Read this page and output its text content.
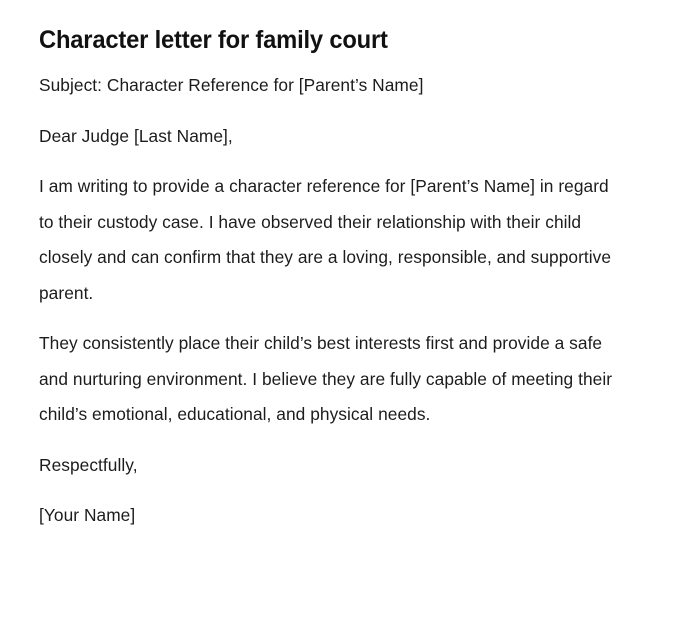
Character letter for family court

Subject: Character Reference for [Parent’s Name]

Dear Judge [Last Name],

I am writing to provide a character reference for [Parent’s Name] in regard to their custody case. I have observed their relationship with their child closely and can confirm that they are a loving, responsible, and supportive parent.

They consistently place their child’s best interests first and provide a safe and nurturing environment. I believe they are fully capable of meeting their child’s emotional, educational, and physical needs.

Respectfully,

[Your Name]
